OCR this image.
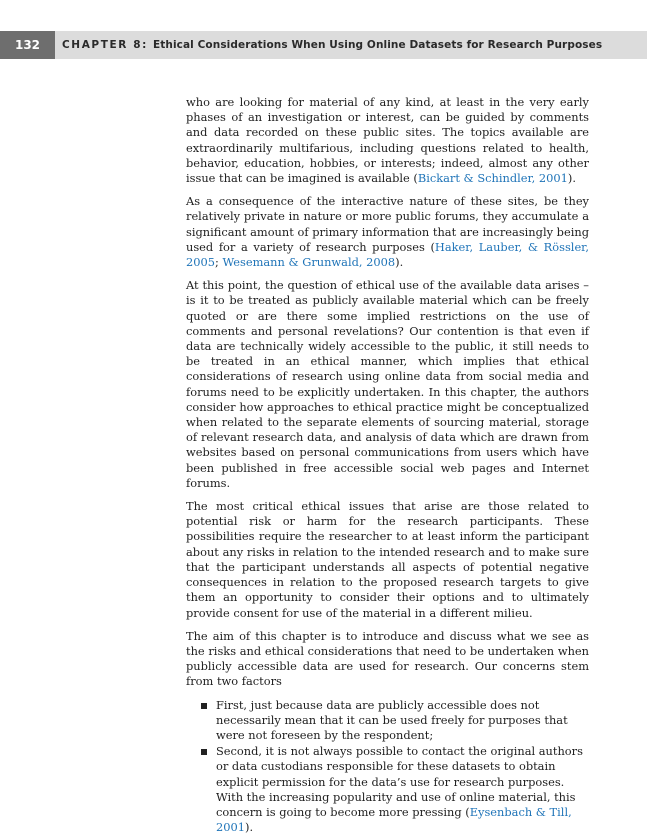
132	CHAPTER 8: Ethical Considerations When Using Online Datasets for Research Purposes

who are looking for material of any kind, at least in the very early phases of an investigation or interest, can be guided by comments and data recorded on these public sites. The topics available are extraordinarily multifarious, including questions related to health, behavior, education, hobbies, or interests; indeed, almost any other issue that can be imagined is available (Bickart & Schindler, 2001).

As a consequence of the interactive nature of these sites, be they relatively private in nature or more public forums, they accumulate a significant amount of primary information that are increasingly being used for a variety of research purposes (Haker, Lauber, & Rössler, 2005; Wesemann & Grunwald, 2008).

At this point, the question of ethical use of the available data arises – is it to be treated as publicly available material which can be freely quoted or are there some implied restrictions on the use of comments and personal revelations? Our contention is that even if data are technically widely accessible to the public, it still needs to be treated in an ethical manner, which implies that ethical considerations of research using online data from social media and forums need to be explicitly undertaken. In this chapter, the authors consider how approaches to ethical practice might be conceptualized when related to the separate elements of sourcing material, storage of relevant research data, and analysis of data which are drawn from websites based on personal communications from users which have been published in free accessible social web pages and Internet forums.

The most critical ethical issues that arise are those related to potential risk or harm for the research participants. These possibilities require the researcher to at least inform the participant about any risks in relation to the intended research and to make sure that the participant understands all aspects of potential negative consequences in relation to the proposed research targets to give them an opportunity to consider their options and to ultimately provide consent for use of the material in a different milieu.

The aim of this chapter is to introduce and discuss what we see as the risks and ethical considerations that need to be undertaken when publicly accessible data are used for research. Our concerns stem from two factors

First, just because data are publicly accessible does not necessarily mean that it can be used freely for purposes that were not foreseen by the respondent;
Second, it is not always possible to contact the original authors or data custodians responsible for these datasets to obtain explicit permission for the data’s use for research purposes. With the increasing popularity and use of online material, this concern is going to become more pressing (Eysenbach & Till, 2001).
